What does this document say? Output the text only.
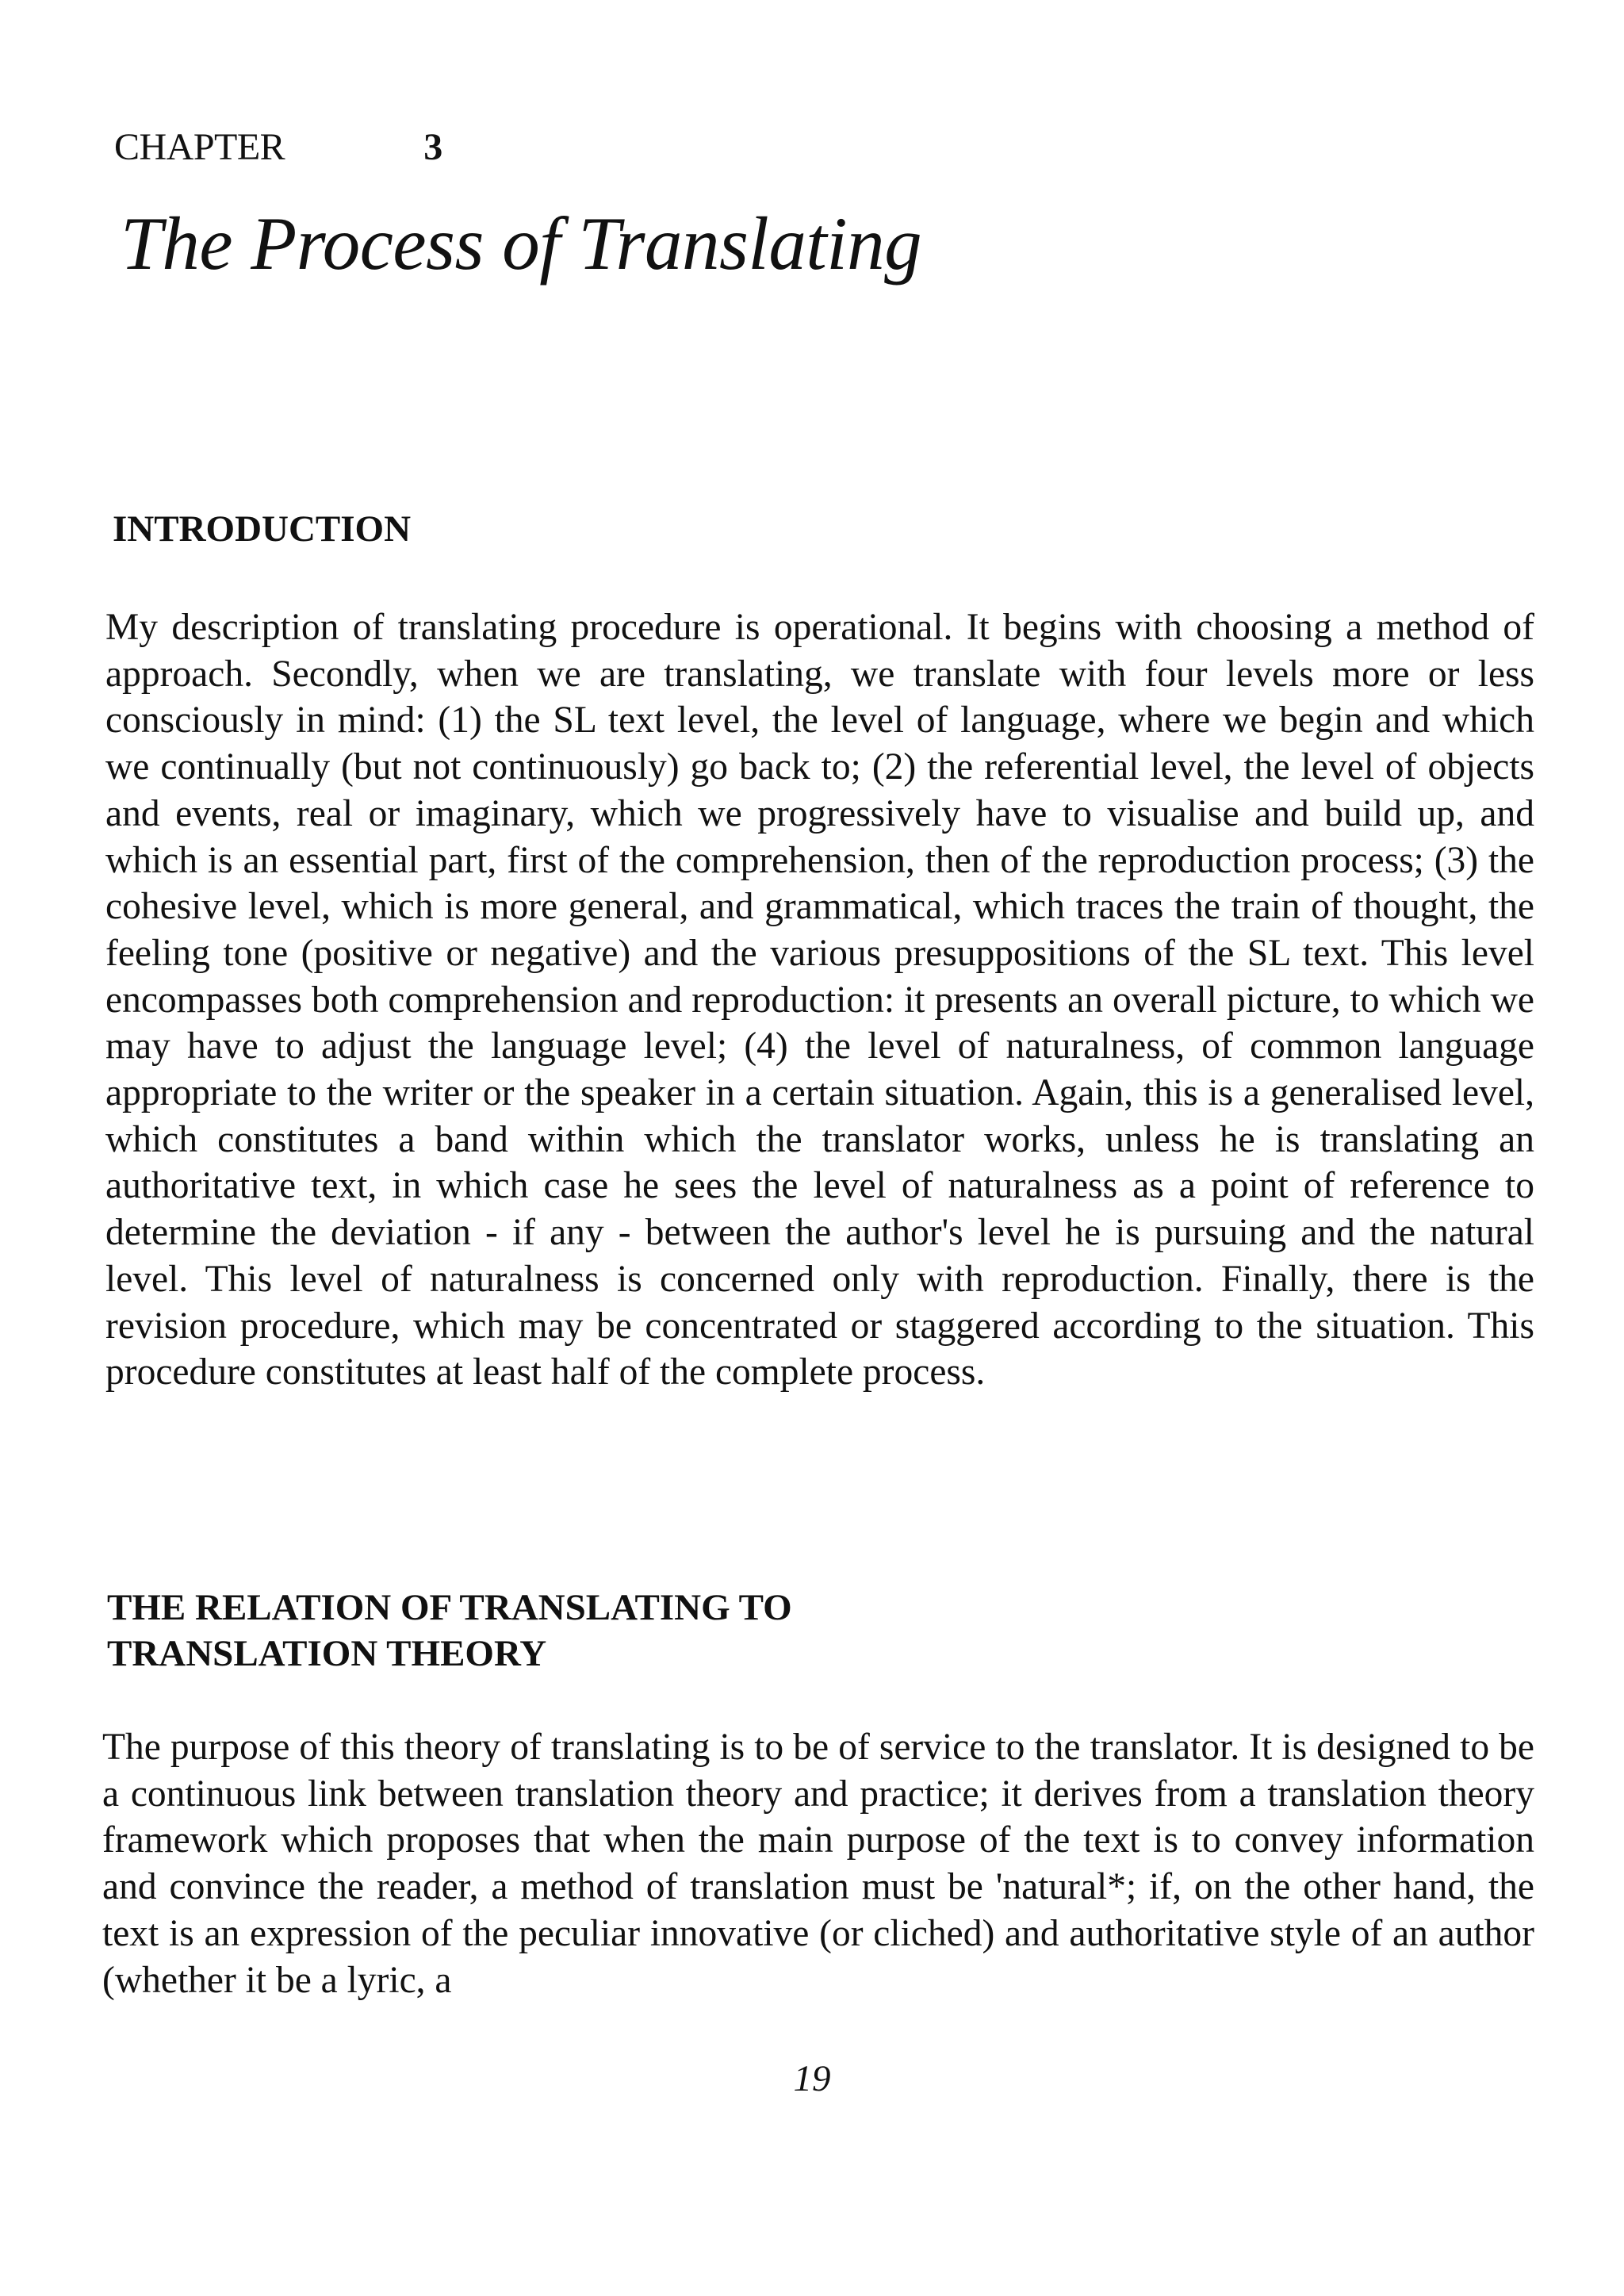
CHAPTER	3
The Process of Translating
INTRODUCTION

My description of translating procedure is operational. It begins with choosing a method of approach. Secondly, when we are translating, we translate with four levels more or less consciously in mind: (1) the SL text level, the level of language, where we begin and which we continually (but not continuously) go back to; (2) the referential level, the level of objects and events, real or imaginary, which we progressively have to visualise and build up, and which is an essential part, first of the comprehension, then of the reproduction process; (3) the cohesive level, which is more general, and grammatical, which traces the train of thought, the feeling tone (positive or negative) and the various presuppositions of the SL text. This level encompasses both comprehension and reproduction: it presents an overall picture, to which we may have to adjust the language level; (4) the level of naturalness, of common language appropriate to the writer or the speaker in a certain situation. Again, this is a generalised level, which constitutes a band within which the translator works, unless he is translating an authoritative text, in which case he sees the level of naturalness as a point of reference to determine the deviation - if any - between the author's level he is pursuing and the natural level. This level of naturalness is concerned only with reproduction. Finally, there is the revision procedure, which may be concentrated or staggered according to the situation. This procedure constitutes at least half of the complete process.

THE RELATION OF TRANSLATING TO
TRANSLATION THEORY

The purpose of this theory of translating is to be of service to the translator. It is designed to be a continuous link between translation theory and practice; it derives from a translation theory framework which proposes that when the main purpose of the text is to convey information and convince the reader, a method of translation must be 'natural*; if, on the other hand, the text is an expression of the peculiar innovative (or cliched) and authoritative style of an author (whether it be a lyric, a

19
